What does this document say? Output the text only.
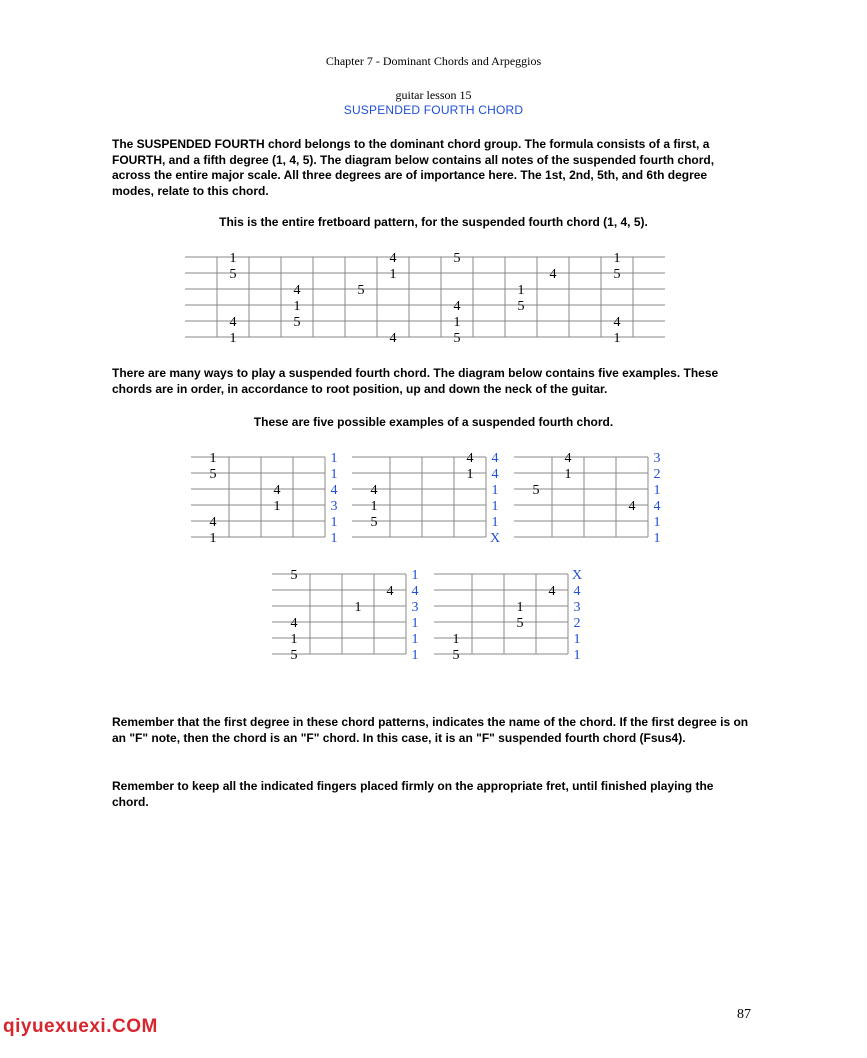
Chapter 7 - Dominant Chords and Arpeggios
guitar lesson 15
SUSPENDED FOURTH CHORD

The SUSPENDED FOURTH chord belongs to the dominant chord group. The formula consists of a first, a FOURTH, and a fifth degree (1, 4, 5). The diagram below contains all notes of the suspended fourth chord, across the entire major scale. All three degrees are of importance here. The 1st, 2nd, 5th, and 6th degree modes, relate to this chord.

This is the entire fretboard pattern, for the suspended fourth chord (1, 4, 5).
1
5
4
1
4
1
5
5
4
1
4
5
4
1
5
1
5
4
1
5
4
1
1
5
4
1
4
1
1
1
4
3
1
1
4
1
4
1
5
4
4
1
1
1
X
4
1
5
4
3
2
1
4
1
1
5
4
1
4
1
5
1
4
3
1
1
1
4
1
5
1
5
X
4
3
2
1
1

There are many ways to play a suspended fourth chord. The diagram below contains five examples. These chords are in order, in accordance to root position, up and down the neck of the guitar.

These are five possible examples of a suspended fourth chord.

Remember that the first degree in these chord patterns, indicates the name of the chord. If the first degree is on an "F" note, then the chord is an "F" chord. In this case, it is an "F" suspended fourth chord (Fsus4).

Remember to keep all the indicated fingers placed firmly on the appropriate fret, until finished playing the chord.

87
qiyuexuexi.COM
